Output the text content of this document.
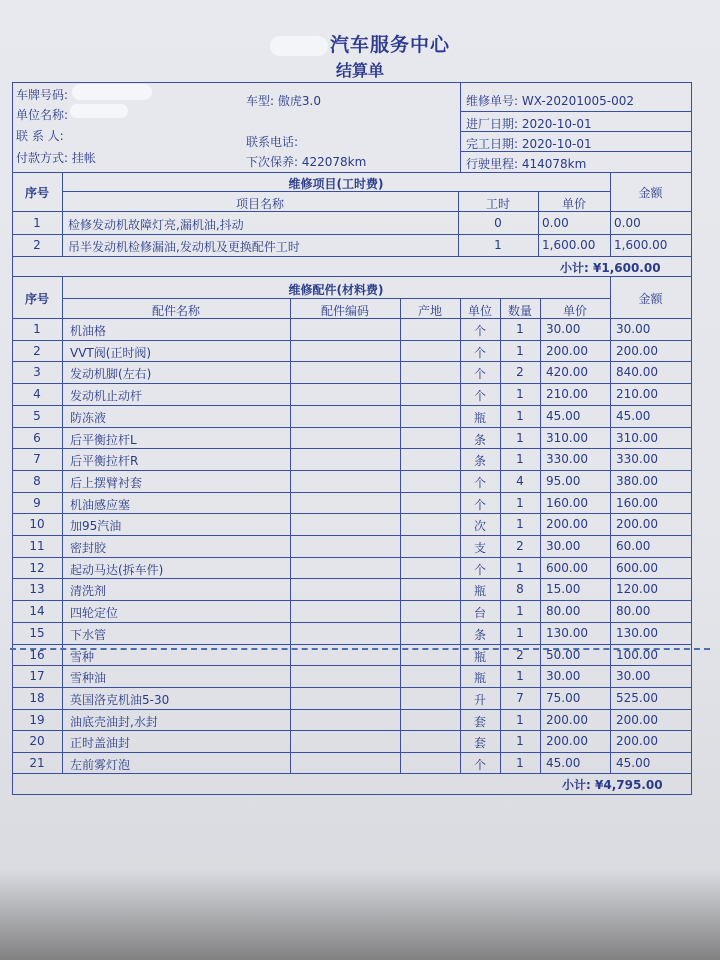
汽车服务中心
结算单
车牌号码:
单位名称:
联 系 人:
付款方式: 挂帐
车型: 傲虎3.0
联系电话:
下次保养: 422078km
维修单号: WX-20201005-002
进厂日期: 2020-10-01
完工日期: 2020-10-01
行驶里程: 414078km
序号
维修项目(工时费)
项目名称	工时	单价
金额
1	检修发动机故障灯亮,漏机油,抖动	0	0.00	0.00
2	吊半发动机检修漏油,发动机及更换配件工时	1	1,600.00 1,600.00
小计: ¥1,600.00
序号
维修配件(材料费)
配件名称	配件编码	产地	单位	数量	单价
金额
1	机油格	个	1	30.00	30.00
2	VVT阀(正时阀)	个	1	200.00	200.00
3	发动机脚(左右)	个	2	420.00	840.00
4	发动机止动杆	个	1	210.00	210.00
5	防冻液	瓶	1	45.00	45.00
6	后平衡拉杆L	条	1	310.00	310.00
7	后平衡拉杆R	条	1	330.00	330.00
8	后上摆臂衬套	个	4	95.00	380.00
9	机油感应塞	个	1	160.00	160.00
10	加95汽油	次	1	200.00	200.00
11	密封胶	支	2	30.00	60.00
12	起动马达(拆车件)	个	1	600.00	600.00
13	清洗剂	瓶	8	15.00	120.00
14	四轮定位	台	1	80.00	80.00
15	下水管	条	1	130.00	130.00
16	雪种	瓶	2	50.00	100.00
17	雪种油	瓶	1	30.00	30.00
18	英国洛克机油5-30	升	7	75.00	525.00
19	油底壳油封,水封	套	1	200.00	200.00
20	正时盖油封	套	1	200.00	200.00
21	左前雾灯泡	个	1	45.00	45.00
小计: ¥4,795.00
